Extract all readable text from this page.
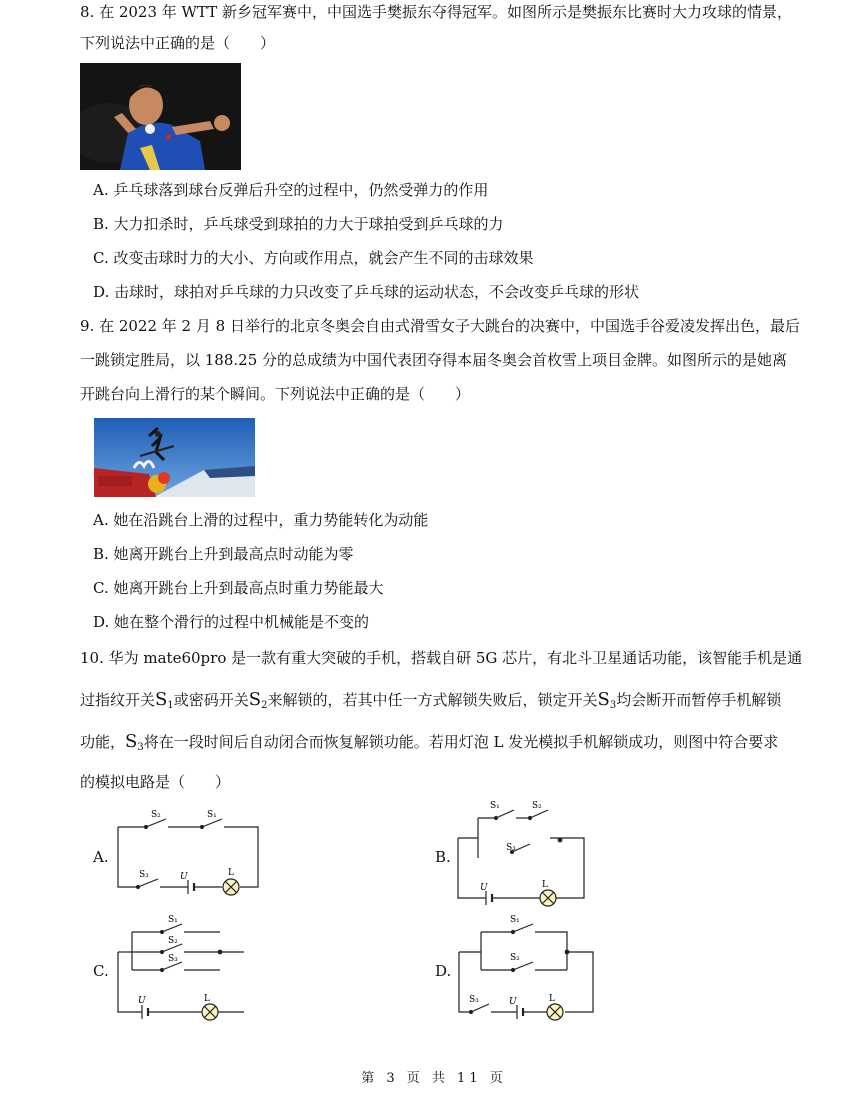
8. 在 2023 年 WTT 新乡冠军赛中，中国选手樊振东夺得冠军。如图所示是樊振东比赛时大力攻球的情景，
下列说法中正确的是（　　）
A. 乒乓球落到球台反弹后升空的过程中，仍然受弹力的作用
B. 大力扣杀时，乒乓球受到球拍的力大于球拍受到乒乓球的力
C. 改变击球时力的大小、方向或作用点，就会产生不同的击球效果
D. 击球时，球拍对乒乓球的力只改变了乒乓球的运动状态，不会改变乒乓球的形状
9. 在 2022 年 2 月 8 日举行的北京冬奥会自由式滑雪女子大跳台的决赛中，中国选手谷爱凌发挥出色，最后
一跳锁定胜局，以 188.25 分的总成绩为中国代表团夺得本届冬奥会首枚雪上项目金牌。如图所示的是她离
开跳台向上滑行的某个瞬间。下列说法中正确的是（　　）
A. 她在沿跳台上滑的过程中，重力势能转化为动能
B. 她离开跳台上升到最高点时动能为零
C. 她离开跳台上升到最高点时重力势能最大
D. 她在整个滑行的过程中机械能是不变的
10. 华为 mate60pro 是一款有重大突破的手机，搭载自研 5G 芯片，有北斗卫星通话功能，该智能手机是通
过指纹开关$S_1$或密码开关$S_2$来解锁的，若其中任一方式解锁失败后，锁定开关$S_3$均会断开而暂停手机解锁
功能，$S_3$将在一段时间后自动闭合而恢复解锁功能。若用灯泡 L 发光模拟手机解锁成功，则图中符合要求
的模拟电路是（　　）
A.	B.
C.	D.
S₂	S₁
S₃	U	L
S₁	S₂
S₃
U	L
S₁
S₂
S₃
U	L
S₁
S₂
S₃	U	L
第 3 页 共 11 页
